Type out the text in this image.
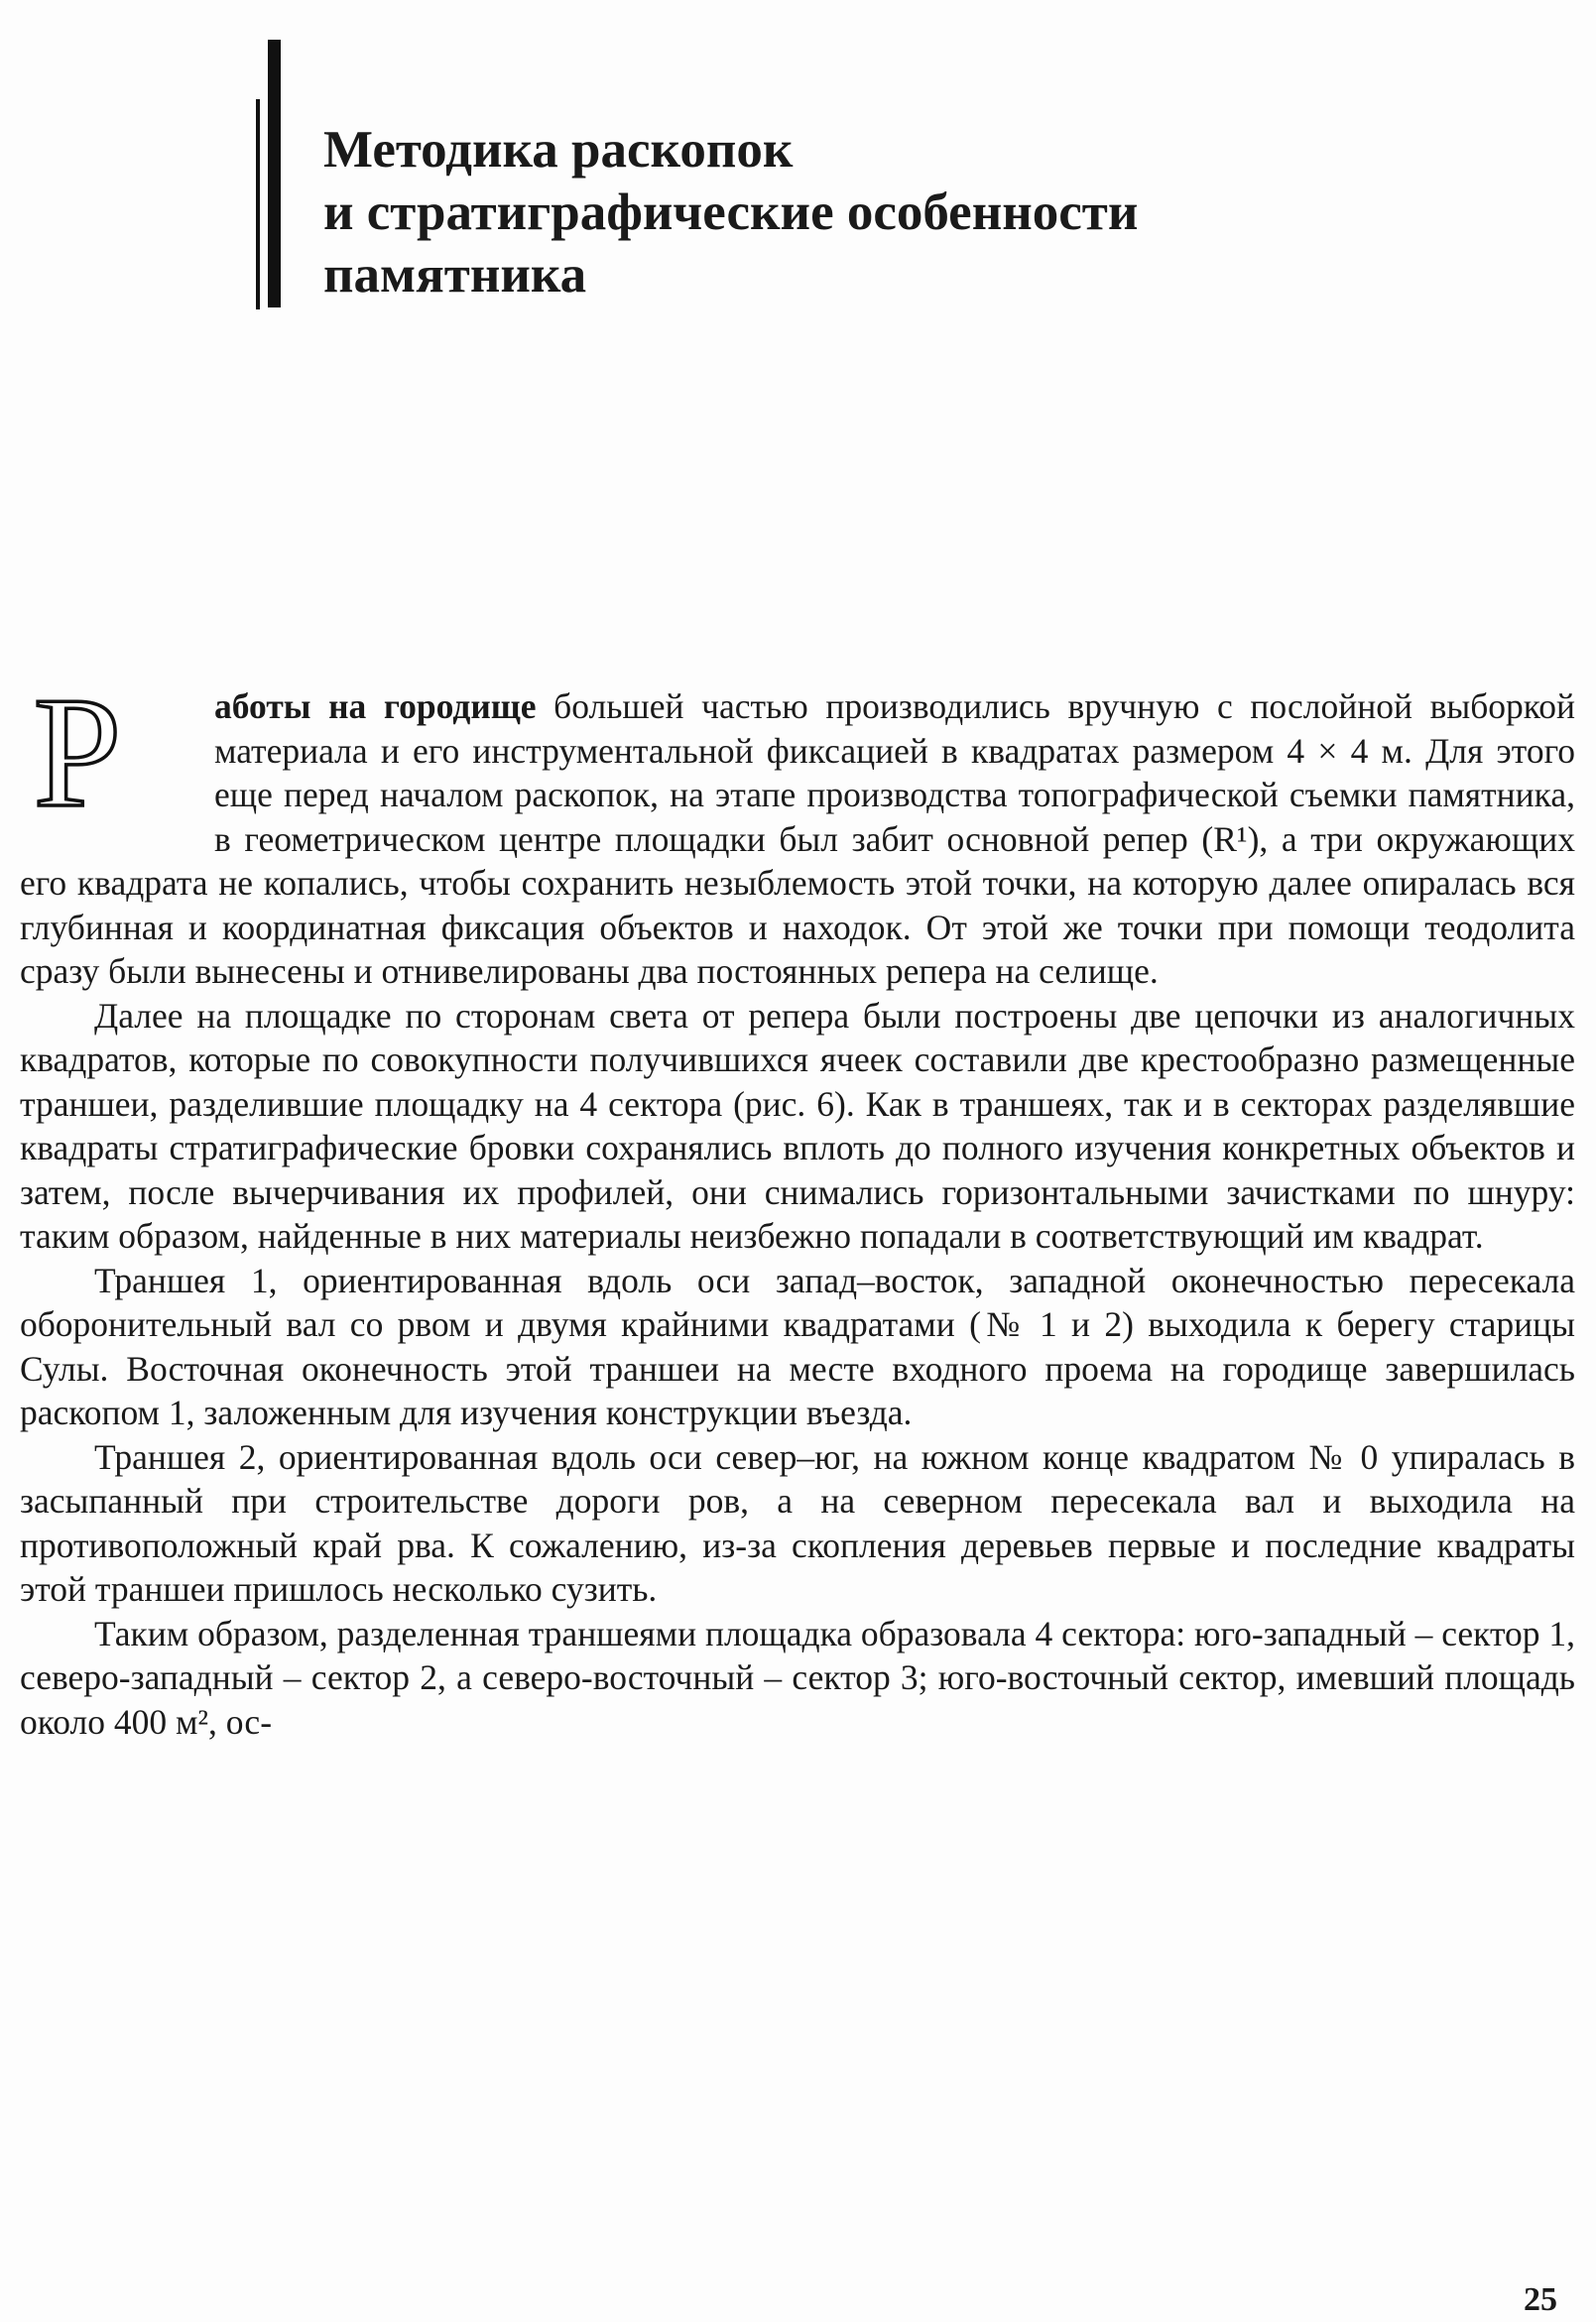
Методика раскопок
и стратиграфические особенности
памятника

Р	аботы на городище большей частью производились вручную с послойной выборкой материала и его инструментальной фиксацией в квадратах размером 4 × 4 м. Для этого еще перед началом раскопок, на этапе производства топографической съемки памятника, в геометрическом центре площадки был забит основной репер (R¹), а три окружающих его квадрата не копались, чтобы сохранить незыблемость этой точки, на которую далее опиралась вся глубинная и координатная фиксация объектов и находок. От этой же точки при помощи теодолита сразу были вынесены и отнивелированы два постоянных репера на селище.

Далее на площадке по сторонам света от репера были построены две цепочки из аналогичных квадратов, которые по совокупности получившихся ячеек составили две крестообразно размещенные траншеи, разделившие площадку на 4 сектора (рис. 6). Как в траншеях, так и в секторах разделявшие квадраты стратиграфические бровки сохранялись вплоть до полного изучения конкретных объектов и затем, после вычерчивания их профилей, они снимались горизонтальными зачистками по шнуру: таким образом, найденные в них материалы неизбежно попадали в соответствующий им квадрат.

Траншея 1, ориентированная вдоль оси запад–восток, западной оконечностью пересекала оборонительный вал со рвом и двумя крайними квадратами (№ 1 и 2) выходила к берегу старицы Сулы. Восточная оконечность этой траншеи на месте входного проема на городище завершилась раскопом 1, заложенным для изучения конструкции въезда.

Траншея 2, ориентированная вдоль оси север–юг, на южном конце квадратом № 0 упиралась в засыпанный при строительстве дороги ров, а на северном пересекала вал и выходила на противоположный край рва. К сожалению, из-за скопления деревьев первые и последние квадраты этой траншеи пришлось несколько сузить.

Таким образом, разделенная траншеями площадка образовала 4 сектора: юго-западный – сектор 1, северо-западный – сектор 2, а северо-восточный – сектор 3; юго-восточный сектор, имевший площадь около 400 м², ос-

25
